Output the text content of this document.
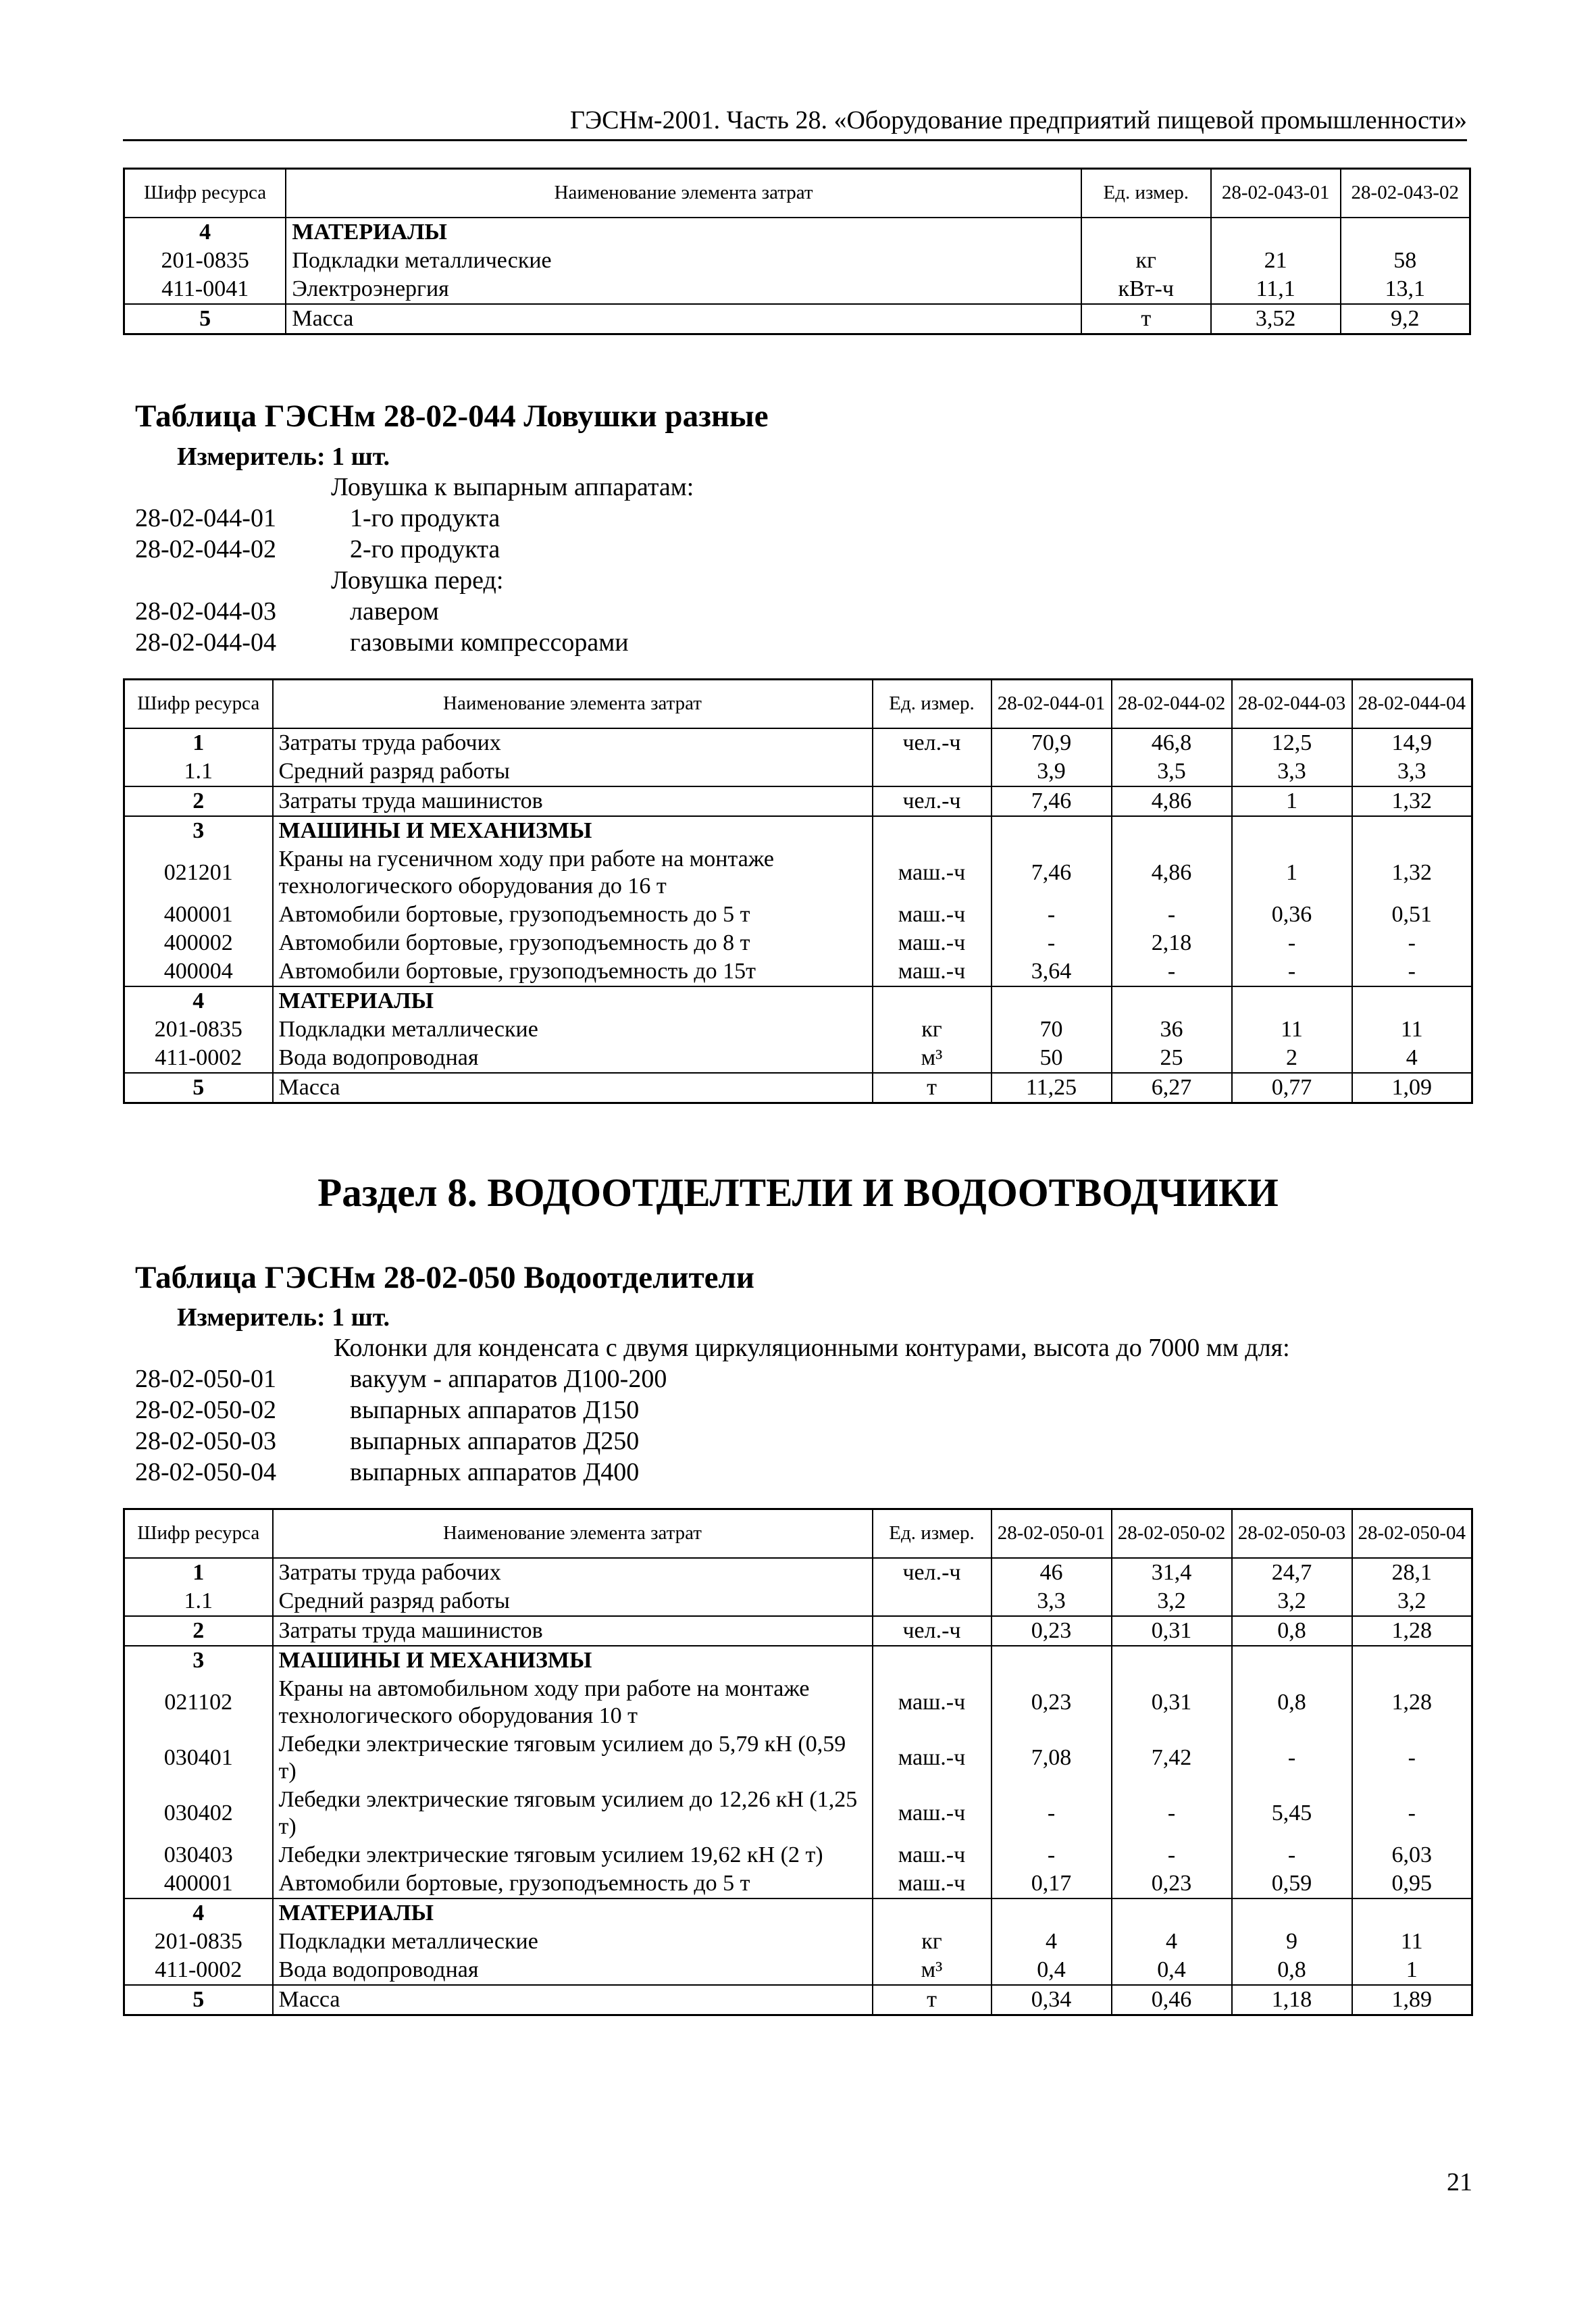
ГЭСНм-2001. Часть 28. «Оборудование предприятий пищевой промышленности»
Шифр ресурса	Наименование элемента затрат	Ед. измер.	28-02-043-01	28-02-043-02
4	МАТЕРИАЛЫ			
201-0835	Подкладки металлические	кг	21	58
411-0041	Электроэнергия	кВт-ч	11,1	13,1
5	Масса	т	3,52	9,2
Таблица ГЭСНм 28-02-044 Ловушки разные
Измеритель: 1 шт.
Ловушка к выпарным аппаратам:
28-02-044-01	1-го продукта
28-02-044-02	2-го продукта
Ловушка перед:
28-02-044-03	лавером
28-02-044-04	газовыми компрессорами
Шифр ресурса	Наименование элемента затрат	Ед. измер.	28-02-044-01	28-02-044-02	28-02-044-03	28-02-044-04
1	Затраты труда рабочих	чел.-ч	70,9	46,8	12,5	14,9
1.1	Средний разряд работы		3,9	3,5	3,3	3,3
2	Затраты труда машинистов	чел.-ч	7,46	4,86	1	1,32
3	МАШИНЫ И МЕХАНИЗМЫ					
021201	Краны на гусеничном ходу при работе на монтаже технологического оборудования до 16 т	маш.-ч	7,46	4,86	1	1,32
400001	Автомобили бортовые, грузоподъемность до 5 т	маш.-ч	-	-	0,36	0,51
400002	Автомобили бортовые, грузоподъемность до 8 т	маш.-ч	-	2,18	-	-
400004	Автомобили бортовые, грузоподъемность до 15т	маш.-ч	3,64	-	-	-
4	МАТЕРИАЛЫ					
201-0835	Подкладки металлические	кг	70	36	11	11
411-0002	Вода водопроводная	м³	50	25	2	4
5	Масса	т	11,25	6,27	0,77	1,09
Раздел 8. ВОДООТДЕЛТЕЛИ И ВОДООТВОДЧИКИ
Таблица ГЭСНм 28-02-050 Водоотделители
Измеритель: 1 шт.
Колонки для конденсата с двумя циркуляционными контурами, высота до 7000 мм для:
28-02-050-01	вакуум - аппаратов Д100-200
28-02-050-02	выпарных аппаратов Д150
28-02-050-03	выпарных аппаратов Д250
28-02-050-04	выпарных аппаратов Д400
Шифр ресурса	Наименование элемента затрат	Ед. измер.	28-02-050-01	28-02-050-02	28-02-050-03	28-02-050-04
1	Затраты труда рабочих	чел.-ч	46	31,4	24,7	28,1
1.1	Средний разряд работы		3,3	3,2	3,2	3,2
2	Затраты труда машинистов	чел.-ч	0,23	0,31	0,8	1,28
3	МАШИНЫ И МЕХАНИЗМЫ					
021102	Краны на автомобильном ходу при работе на монтаже технологического оборудования 10 т	маш.-ч	0,23	0,31	0,8	1,28
030401	Лебедки электрические тяговым усилием до 5,79 кН (0,59 т)	маш.-ч	7,08	7,42	-	-
030402	Лебедки электрические тяговым усилием до 12,26 кН (1,25 т)	маш.-ч	-	-	5,45	-
030403	Лебедки электрические тяговым усилием 19,62 кН (2 т)	маш.-ч	-	-	-	6,03
400001	Автомобили бортовые, грузоподъемность до 5 т	маш.-ч	0,17	0,23	0,59	0,95
4	МАТЕРИАЛЫ					
201-0835	Подкладки металлические	кг	4	4	9	11
411-0002	Вода водопроводная	м³	0,4	0,4	0,8	1
5	Масса	т	0,34	0,46	1,18	1,89
21
